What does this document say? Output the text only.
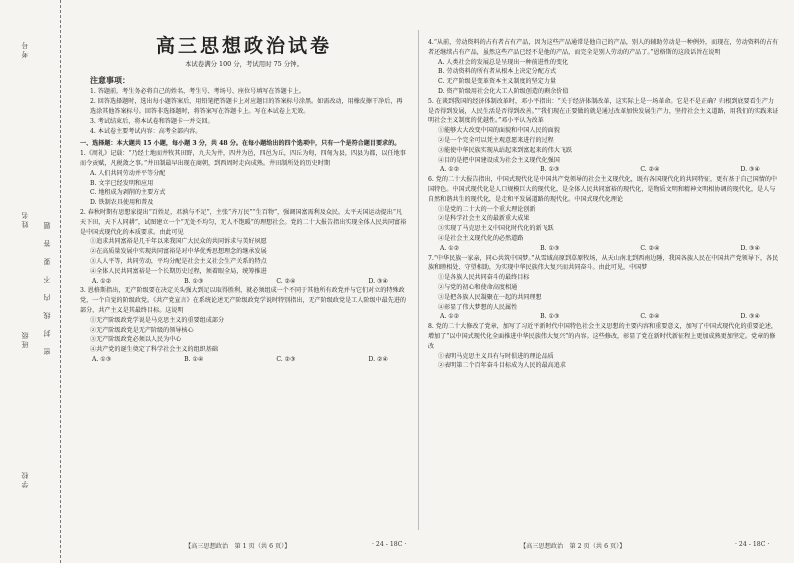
考号
姓名
班级
学校
密　封　线　内　不　要　答　题
高三思想政治试卷
本试卷满分 100 分，考试用时 75 分钟。
注意事项：

1. 答题前，考生务必将自己的姓名、考生号、考场号、座位号填写在答题卡上。

2. 回答选择题时，选出每小题答案后，用铅笔把答题卡上对应题目的答案标号涂黑。如需改动，用橡皮擦干净后，再选涂其他答案标号。回答非选择题时，将答案写在答题卡上。写在本试卷上无效。

3. 考试结束后，将本试卷和答题卡一并交回。

4. 本试卷主要考试内容：高考全部内容。

一、选择题：本大题共 15 小题，每小题 3 分，共 48 分。在每小题给出的四个选项中，只有一个是符合题目要求的。

1.《周礼》记载：“乃经土地而井牧其田野，九夫为井，四井为邑，四邑为丘，四丘为甸，四甸为县，四县为都，以任地事而令贡赋，凡税敛之事。”井田制最早出现在商朝，到西周时走向成熟。井田制所处的历史时期

A. 人们共同劳动并平等分配

B. 文字已经发明和应用

C. 地租成为剥削的主要方式

D. 铁制农具使用和普及

2. 春秋时期有思想家提出“百姓足，君孰与不足”，主张“齐万民”“生百物”，强调国富需利及众民。太平天国运动提出“凡天下田，天下人同耕”，试图建立一个“无处不均匀，无人不饱暖”的理想社会。党的二十大报告指出实现全体人民共同富裕是中国式现代化的本质要求。由此可见

①追求共同富裕是几千年以来我国广大民众的共同诉求与美好夙愿

②在高质量发展中实现共同富裕是对中华优秀思想理念的继承发展

③人人平等，共同劳动，平均分配是社会主义社会生产关系的特点

④全体人民共同富裕是一个长期历史过程，须着眼全局，统筹推进

A. ①②	B. ①③	C. ②④	D. ③④

3. 恩格斯指出，无产阶级要在决定关头强大到足以取得胜利，就必须组成一个不同于其他所有政党并与它们对立的特殊政党，一个自觉的阶级政党。《共产党宣言》在系统论述无产阶级政党学说时特别指出，无产阶级政党是工人阶级中最先进的部分，共产主义是其最终目标。这说明

①无产阶级政党学说是马克思主义的重要组成部分

②无产阶级政党是无产阶级的领导核心

③无产阶级政党必须以人民为中心

④共产党的诞生奠定了科学社会主义的组织基础

A. ①③	B. ①④	C. ②③	D. ②④

4.“从前，劳动资料的占有者占有产品，因为这些产品通常是他自己的产品，别人的辅助劳动是一种例外，而现在，劳动资料的占有者还继续占有产品，虽然这些产品已经不是他的产品，而完全是别人劳动的产品了。”恩格斯的这段话旨在说明

A. 人类社会的发展总是呈现出一种前进性的变化

B. 劳动资料的所有者从根本上决定分配方式

C. 无产阶级是变革资本主义制度的坚定力量

D. 资产阶级用社会化大工人阶级创造的剩余价值

5. 在谈到我国的经济体制改革时，邓小平指出：“关于经济体制改革，这实际上是一场革命。它是不是正确？归根到底要看生产力是否得到发展，人民生活是否得到改善。”“我们现在正要做的就是通过改革加快发展生产力，坚持社会主义道路，用我们的实践来证明社会主义制度的优越性。”邓小平认为改革

①能够大大改变中国的面貌和中国人民的面貌

②是一个完全可以凭主观意愿来进行的过程

③能使中华民族实现从站起来到富起来的伟大飞跃

④目的是把中国建设成为社会主义现代化强国

A. ①②	B. ①③	C. ②④	D. ③④

6. 党的二十大报告指出，中国式现代化是中国共产党领导的社会主义现代化，既有各国现代化的共同特征，更有基于自己国情的中国特色。中国式现代化是人口规模巨大的现代化，是全体人民共同富裕的现代化，是物质文明和精神文明相协调的现代化，是人与自然和谐共生的现代化，是走和平发展道路的现代化。中国式现代化理论

①是党的二十大的一个重大理论创新

②是科学社会主义的最新重大成果

③实现了马克思主义中国化时代化的新飞跃

④是社会主义现代化的必然道路

A. ①②	B. ①③	C. ②④	D. ③④

7.“中华民族一家亲，同心共筑中国梦。”从雪域高原到草原牧场，从天山南北到西南边陲，我国各族人民在中国共产党领导下，各民族和睦相处、守望相助，为实现中华民族伟大复兴而共同奋斗。由此可见，中国梦

①是各族人民共同奋斗的最终目标

②与党的初心和使命高度相通

③是把各族人民凝聚在一起的共同理想

④彰显了伟大梦想的人民属性

A. ①②	B. ①③	C. ②④	D. ③④

8. 党的二十大修改了党章，加写了习近平新时代中国特色社会主义思想的主要内容和重要意义，加写了中国式现代化的重要论述，增加了“以中国式现代化全面推进中华民族伟大复兴”的内容。这些修改，彰显了党在新时代新征程上更加成熟更加坚定。党章的修改

①表明马克思主义具有与时俱进的理论品质

②表明第二个百年奋斗目标成为人民的最高追求

【高三思想政治　第 1 页（共 6 页）】	· 24 - 18C ·	【高三思想政治　第 2 页（共 6 页）】	· 24 - 18C ·
